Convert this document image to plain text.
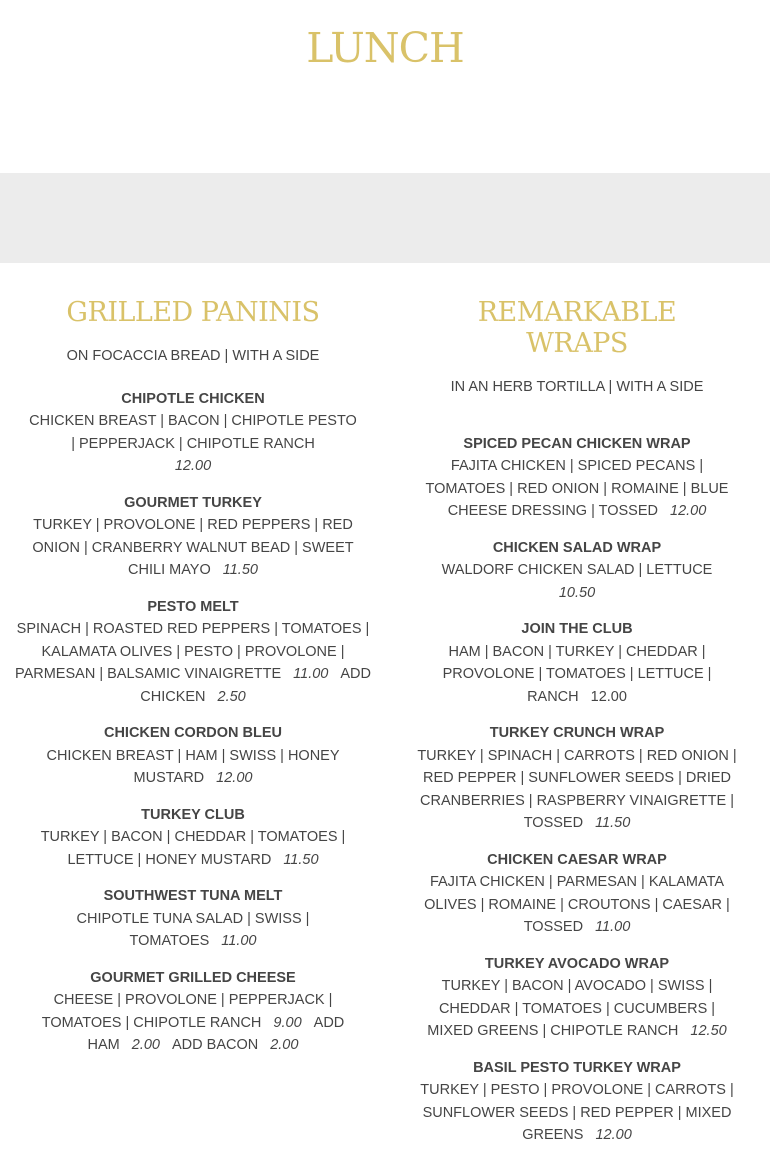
LUNCH
GRILLED PANINIS
ON FOCACCIA BREAD | WITH A SIDE

CHIPOTLE CHICKEN

CHICKEN BREAST | BACON | CHIPOTLE PESTO | PEPPERJACK | CHIPOTLE RANCH
12.00

GOURMET TURKEY

TURKEY | PROVOLONE | RED PEPPERS | RED ONION | CRANBERRY WALNUT BEAD | SWEET CHILI MAYO 11.50

PESTO MELT

SPINACH | ROASTED RED PEPPERS | TOMATOES | KALAMATA OLIVES | PESTO | PROVOLONE | PARMESAN | BALSAMIC VINAIGRETTE 11.00 ADD CHICKEN 2.50

CHICKEN CORDON BLEU

CHICKEN BREAST | HAM | SWISS | HONEY MUSTARD 12.00

TURKEY CLUB

TURKEY | BACON | CHEDDAR | TOMATOES | LETTUCE | HONEY MUSTARD 11.50

SOUTHWEST TUNA MELT

CHIPOTLE TUNA SALAD | SWISS | TOMATOES 11.00

GOURMET GRILLED CHEESE

CHEESE | PROVOLONE | PEPPERJACK | TOMATOES | CHIPOTLE RANCH 9.00 ADD HAM 2.00 ADD BACON 2.00

REMARKABLE WRAPS
IN AN HERB TORTILLA | WITH A SIDE

SPICED PECAN CHICKEN WRAP

FAJITA CHICKEN | SPICED PECANS | TOMATOES | RED ONION | ROMAINE | BLUE CHEESE DRESSING | TOSSED 12.00

CHICKEN SALAD WRAP

WALDORF CHICKEN SALAD | LETTUCE
10.50

JOIN THE CLUB

HAM | BACON | TURKEY | CHEDDAR | PROVOLONE | TOMATOES | LETTUCE | RANCH 12.00

TURKEY CRUNCH WRAP

TURKEY | SPINACH | CARROTS | RED ONION | RED PEPPER | SUNFLOWER SEEDS | DRIED CRANBERRIES | RASPBERRY VINAIGRETTE | TOSSED 11.50

CHICKEN CAESAR WRAP

FAJITA CHICKEN | PARMESAN | KALAMATA OLIVES | ROMAINE | CROUTONS | CAESAR | TOSSED 11.00

TURKEY AVOCADO WRAP

TURKEY | BACON | AVOCADO | SWISS | CHEDDAR | TOMATOES | CUCUMBERS | MIXED GREENS | CHIPOTLE RANCH 12.50

BASIL PESTO TURKEY WRAP

TURKEY | PESTO | PROVOLONE | CARROTS | SUNFLOWER SEEDS | RED PEPPER | MIXED GREENS 12.00
